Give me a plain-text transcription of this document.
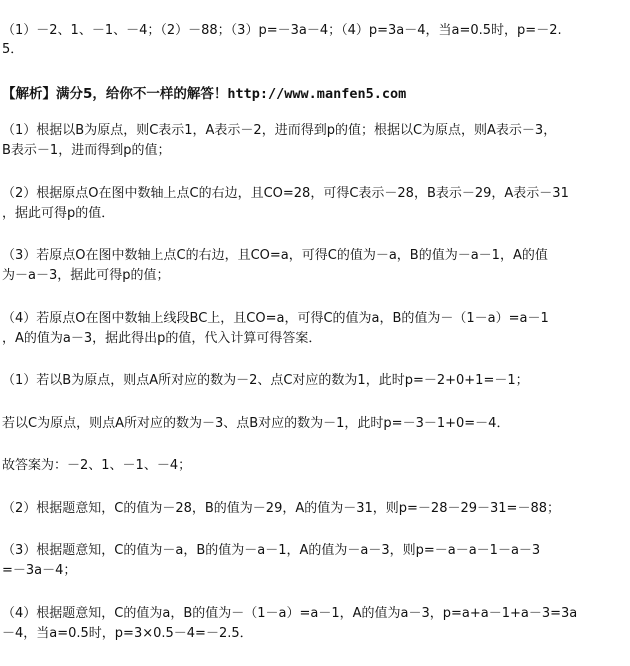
（1）－2、1、－1、－4；（2）－88；（3）p=－3a－4；（4）p=3a－4，当a=0.5时，p=－2.
5．
【解析】满分5，给你不一样的解答！http://www.manfen5.com
（1）根据以B为原点，则C表示1，A表示－2，进而得到p的值；根据以C为原点，则A表示－3，
B表示－1，进而得到p的值；
（2）根据原点O在图中数轴上点C的右边，且CO=28，可得C表示－28，B表示－29，A表示－31
，据此可得p的值．
（3）若原点O在图中数轴上点C的右边，且CO=a，可得C的值为－a，B的值为－a－1，A的值
为－a－3，据此可得p的值；
（4）若原点O在图中数轴上线段BC上，且CO=a，可得C的值为a，B的值为－（1－a）=a－1
，A的值为a－3，据此得出p的值，代入计算可得答案．
（1）若以B为原点，则点A所对应的数为－2、点C对应的数为1，此时p=－2+0+1=－1；
若以C为原点，则点A所对应的数为－3、点B对应的数为－1，此时p=－3－1+0=－4．
故答案为：－2、1、－1、－4；
（2）根据题意知，C的值为－28，B的值为－29，A的值为－31，则p=－28－29－31=－88；
（3）根据题意知，C的值为－a，B的值为－a－1，A的值为－a－3，则p=－a－a－1－a－3
=－3a－4；
（4）根据题意知，C的值为a，B的值为－（1－a）=a－1，A的值为a－3，p=a+a－1+a－3=3a
－4，当a=0.5时，p=3×0.5－4=－2.5．
